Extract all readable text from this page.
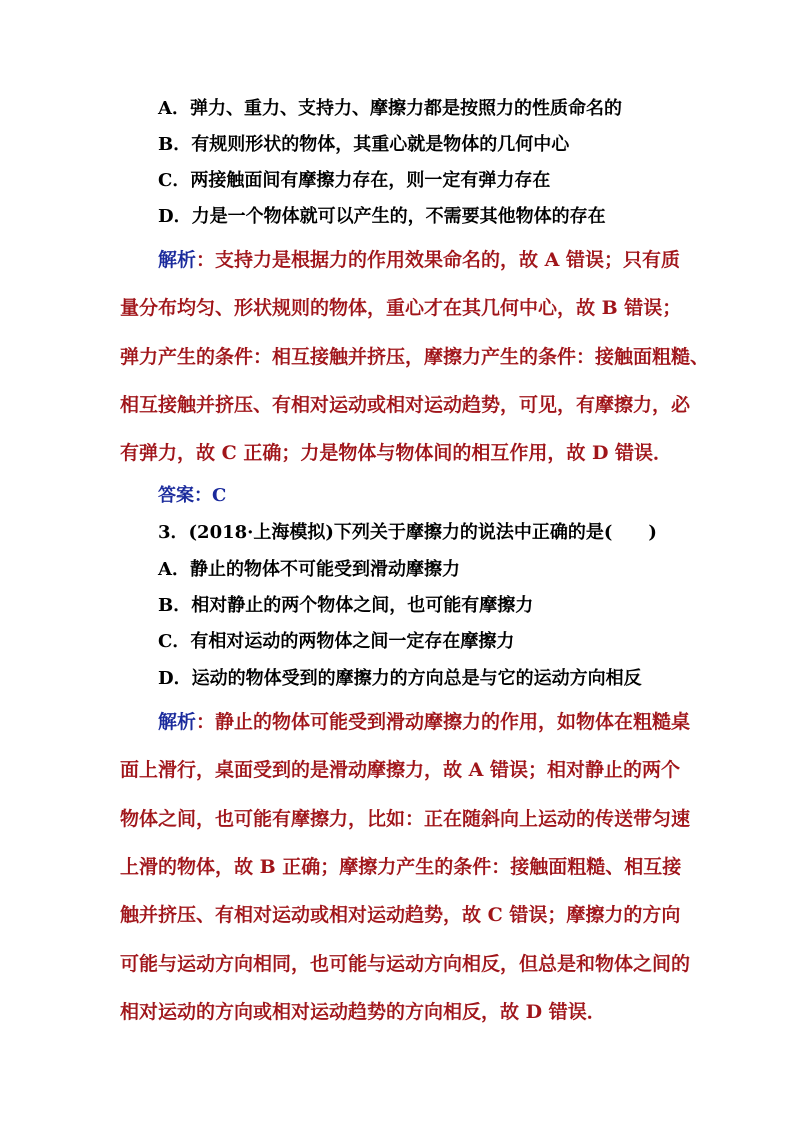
A．弹力、重力、支持力、摩擦力都是按照力的性质命名的
B．有规则形状的物体，其重心就是物体的几何中心
C．两接触面间有摩擦力存在，则一定有弹力存在
D．力是一个物体就可以产生的，不需要其他物体的存在
解析：支持力是根据力的作用效果命名的，故 A 错误；只有质
量分布均匀、形状规则的物体，重心才在其几何中心，故 B 错误；
弹力产生的条件：相互接触并挤压，摩擦力产生的条件：接触面粗糙、
相互接触并挤压、有相对运动或相对运动趋势，可见，有摩擦力，必
有弹力，故 C 正确；力是物体与物体间的相互作用，故 D 错误．
答案：C
3．(2018·上海模拟)下列关于摩擦力的说法中正确的是(　　)
A．静止的物体不可能受到滑动摩擦力
B．相对静止的两个物体之间，也可能有摩擦力
C．有相对运动的两物体之间一定存在摩擦力
D．运动的物体受到的摩擦力的方向总是与它的运动方向相反
解析：静止的物体可能受到滑动摩擦力的作用，如物体在粗糙桌
面上滑行，桌面受到的是滑动摩擦力，故 A 错误；相对静止的两个
物体之间，也可能有摩擦力，比如：正在随斜向上运动的传送带匀速
上滑的物体，故 B 正确；摩擦力产生的条件：接触面粗糙、相互接
触并挤压、有相对运动或相对运动趋势，故 C 错误；摩擦力的方向
可能与运动方向相同，也可能与运动方向相反，但总是和物体之间的
相对运动的方向或相对运动趋势的方向相反，故 D 错误．
